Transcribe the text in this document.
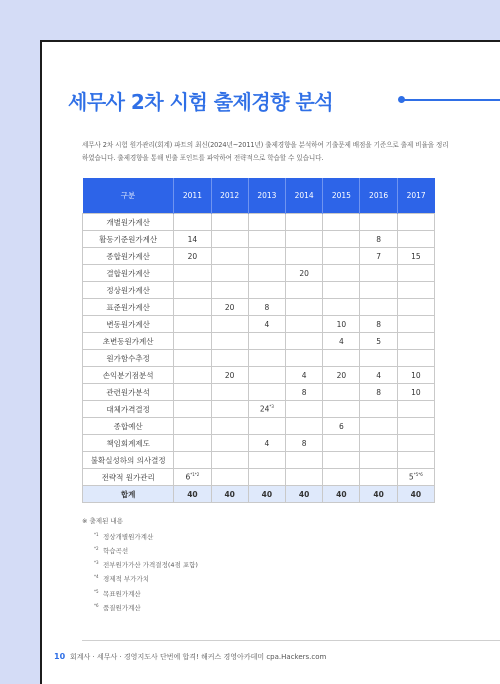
세무사 2차 시험 출제경향 분석
세무사 2차 시험 원가관리(회계) 파트의 최신(2024년~2011년) 출제경향을 분석하여 기출문제 배점을 기준으로 출제 비율을 정리하였습니다. 출제경향을 통해 빈출 포인트를 파악하여 전략적으로 학습할 수 있습니다.
구분	2011	2012	2013	2014	2015	2016	2017
개별원가계산							
활동기준원가계산	14					8	
종합원가계산	20					7	15
결합원가계산				20			
정상원가계산							
표준원가계산		20	8				
변동원가계산			4		10	8	
초변동원가계산					4	5	
원가함수추정							
손익분기점분석		20		4	20	4	10
관련원가분석				8		8	10
대체가격결정			24$^{*3}$				
종합예산					6		
책임회계제도			4	8			
불확실성하의 의사결정							
전략적 원가관리	$6^{*1*2}$						$5^{*5*6}$
합계	40	40	40	40	40	40	40
※ 출제된 내용
*1 정상개별원가계산
*2 학습곡선
*3 전부원가가산 가격결정(4점 포함)
*4 경제적 부가가치
*5 목표원가계산
*6 품질원가계산
10 회계사 · 세무사 · 경영지도사 단번에 합격! 해커스 경영아카데미 cpa.Hackers.com
